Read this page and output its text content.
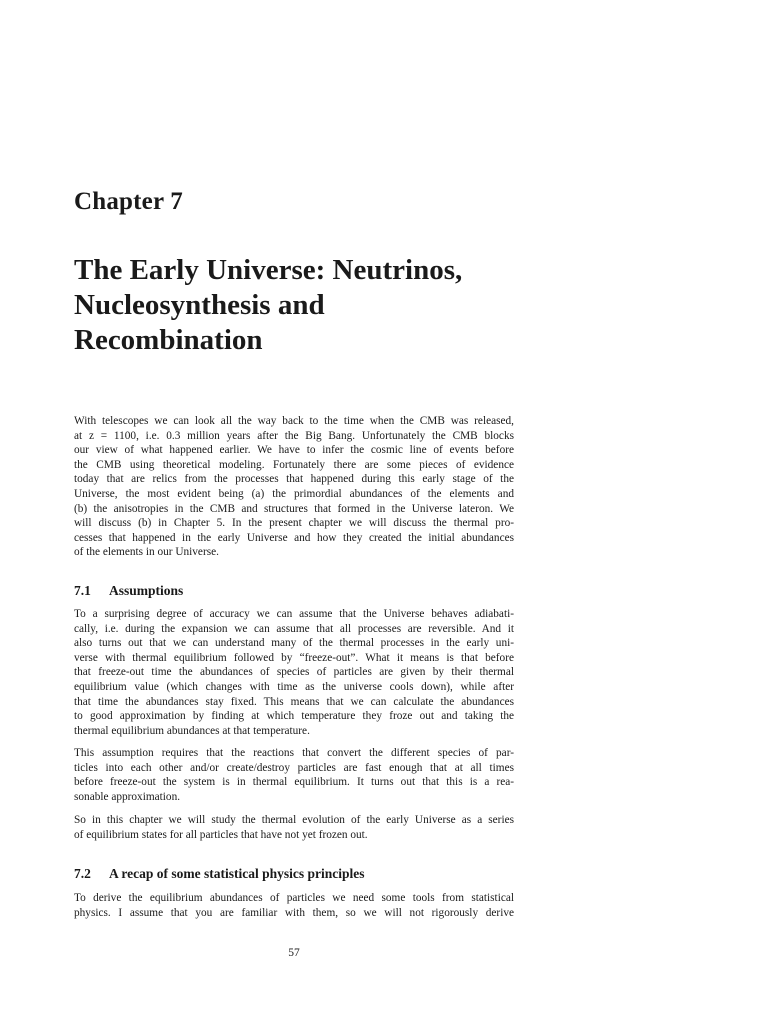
Chapter 7
The Early Universe: Neutrinos,
Nucleosynthesis and
Recombination
With telescopes we can look all the way back to the time when the CMB was released,
at z = 1100, i.e. 0.3 million years after the Big Bang. Unfortunately the CMB blocks
our view of what happened earlier. We have to infer the cosmic line of events before
the CMB using theoretical modeling. Fortunately there are some pieces of evidence
today that are relics from the processes that happened during this early stage of the
Universe, the most evident being (a) the primordial abundances of the elements and
(b) the anisotropies in the CMB and structures that formed in the Universe lateron. We
will discuss (b) in Chapter 5. In the present chapter we will discuss the thermal pro-
cesses that happened in the early Universe and how they created the initial abundances
of the elements in our Universe.
7.1 Assumptions
To a surprising degree of accuracy we can assume that the Universe behaves adiabati-
cally, i.e. during the expansion we can assume that all processes are reversible. And it
also turns out that we can understand many of the thermal processes in the early uni-
verse with thermal equilibrium followed by “freeze-out”. What it means is that before
that freeze-out time the abundances of species of particles are given by their thermal
equilibrium value (which changes with time as the universe cools down), while after
that time the abundances stay fixed. This means that we can calculate the abundances
to good approximation by finding at which temperature they froze out and taking the
thermal equilibrium abundances at that temperature.
This assumption requires that the reactions that convert the different species of par-
ticles into each other and/or create/destroy particles are fast enough that at all times
before freeze-out the system is in thermal equilibrium. It turns out that this is a rea-
sonable approximation.
So in this chapter we will study the thermal evolution of the early Universe as a series
of equilibrium states for all particles that have not yet frozen out.
7.2 A recap of some statistical physics principles
To derive the equilibrium abundances of particles we need some tools from statistical
physics. I assume that you are familiar with them, so we will not rigorously derive
57
